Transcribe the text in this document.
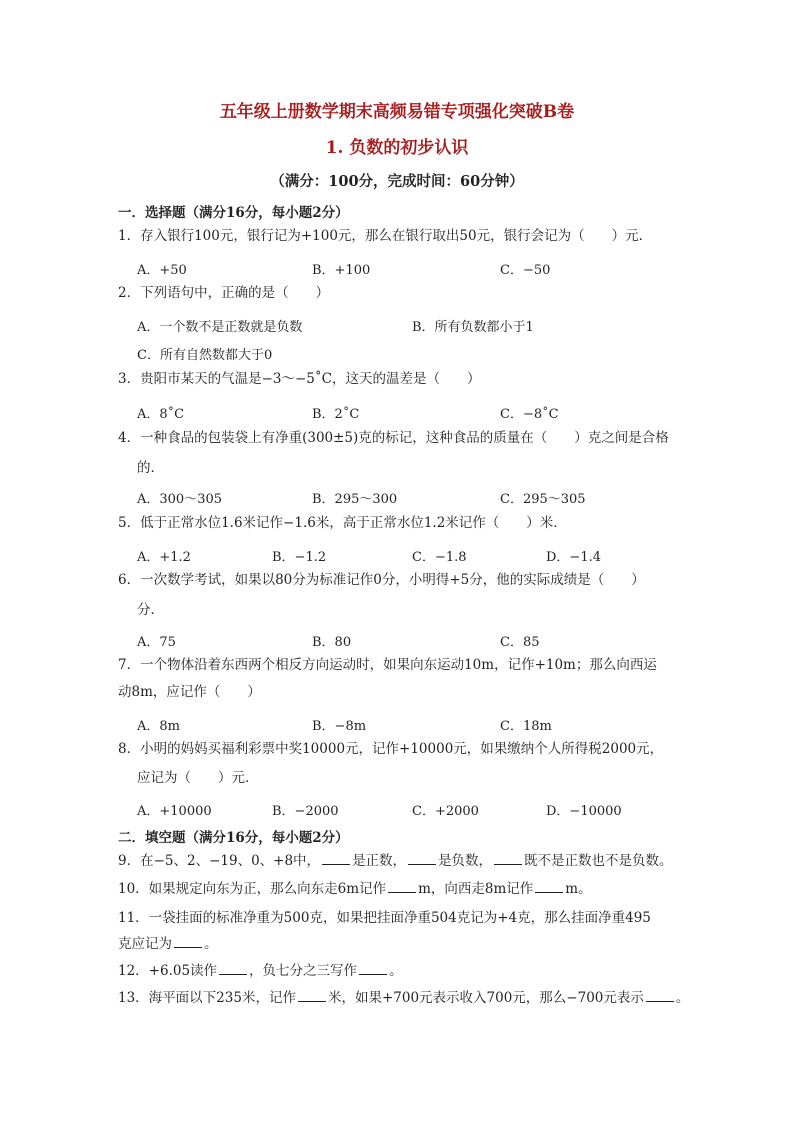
五年级上册数学期末高频易错专项强化突破B卷
1. 负数的初步认识
（满分：100分，完成时间：60分钟）
一．选择题（满分16分，每小题2分）
1．存入银行100元，银行记为+100元，那么在银行取出50元，银行会记为（　　）元．
A．+50	B．+100	C．−50
2．下列语句中，正确的是（　　）
A．一个数不是正数就是负数	B．所有负数都小于1
C．所有自然数都大于0
3．贵阳市某天的气温是−3～−5˚C，这天的温差是（　　）
A．8˚C	B．2˚C	C．−8˚C
4．一种食品的包装袋上有净重(300±5)克的标记，这种食品的质量在（　　）克之间是合格
的．
A．300～305	B．295～300	C．295～305
5．低于正常水位1.6米记作−1.6米，高于正常水位1.2米记作（　　）米．
A．+1.2	B．−1.2	C．−1.8	D．−1.4
6．一次数学考试，如果以80分为标准记作0分，小明得+5分，他的实际成绩是（　　）
分．
A．75	B．80	C．85
7．一个物体沿着东西两个相反方向运动时，如果向东运动10m，记作+10m；那么向西运
动8m，应记作（　　）
A．8m	B．−8m	C．18m
8．小明的妈妈买福利彩票中奖10000元，记作+10000元，如果缴纳个人所得税2000元，
应记为（　　）元．
A．+10000	B．−2000	C．+2000	D．−10000
二．填空题（满分16分，每小题2分）
9．在−5、2、−19、0、+8中， 是正数， 是负数， 既不是正数也不是负数。
10．如果规定向东为正，那么向东走6m记作 m，向西走8m记作 m。
11．一袋挂面的标准净重为500克，如果把挂面净重504克记为+4克，那么挂面净重495
克应记为 。
12．+6.05读作 ，负七分之三写作 。
13．海平面以下235米，记作 米，如果+700元表示收入700元，那么−700元表示 。
